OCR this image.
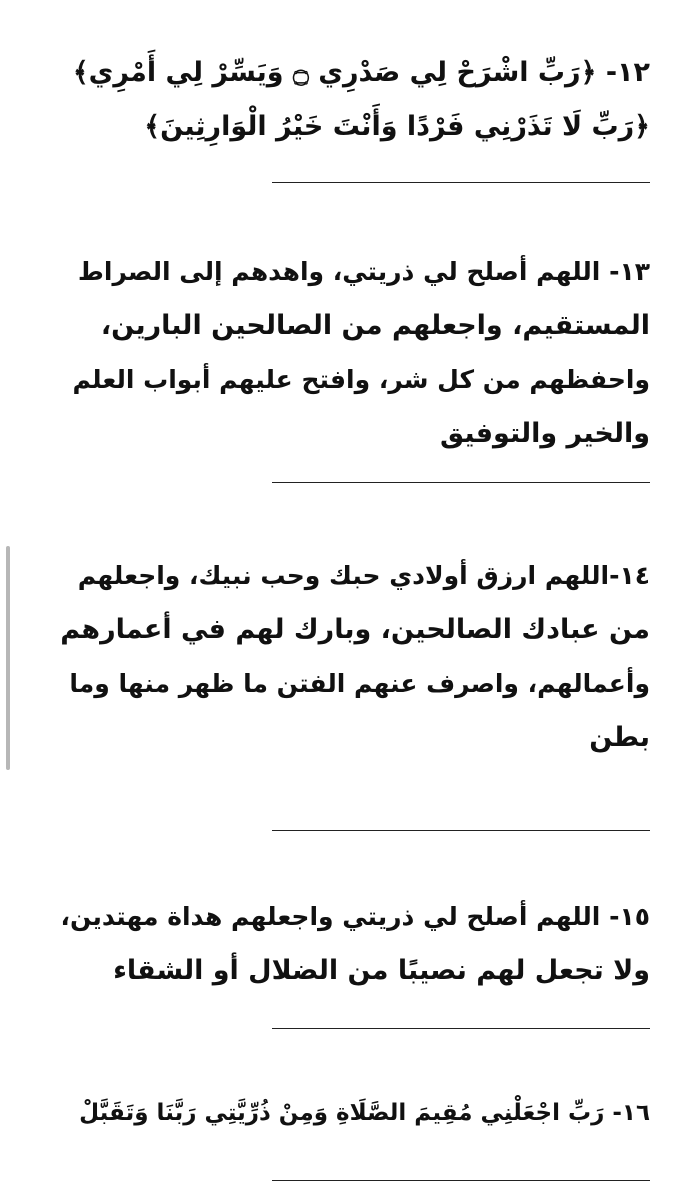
١٢- ﴿رَبِّ اشْرَحْ لِي صَدْرِي ۝ وَيَسِّرْ لِي أَمْرِي﴾
﴿رَبِّ لَا تَذَرْنِي فَرْدًا وَأَنْتَ خَيْرُ الْوَارِثِينَ﴾

١٣- اللهم أصلح لي ذريتي، واهدهم إلى الصراط
المستقيم، واجعلهم من الصالحين البارين،
واحفظهم من كل شر، وافتح عليهم أبواب العلم
والخير والتوفيق

١٤-اللهم ارزق أولادي حبك وحب نبيك، واجعلهم
من عبادك الصالحين، وبارك لهم في أعمارهم
وأعمالهم، واصرف عنهم الفتن ما ظهر منها وما
بطن

١٥- اللهم أصلح لي ذريتي واجعلهم هداة مهتدين،
ولا تجعل لهم نصيبًا من الضلال أو الشقاء

١٦- رَبِّ اجْعَلْنِي مُقِيمَ الصَّلَاةِ وَمِنْ ذُرِّيَّتِي رَبَّنَا وَتَقَبَّلْ
